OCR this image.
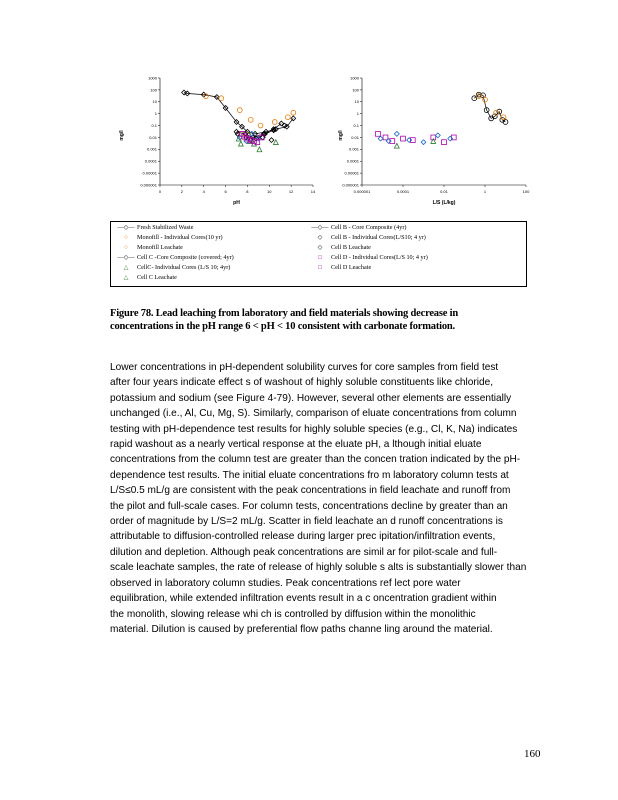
0.000001
0.00001
0.0001
0.001
0.01
0.1
1
10
100
1000
0	2	4	6	8	10	12	14
pH
mg/l
0.000001
0.00001
0.0001
0.001
0.01
0.1
1
10
100
1000
0.000001	0.0001	0.01	1	100
L/S (L/kg)
mg/l
—◇— Fresh Stabilized Waste
○ Monofill - Individual Cores(10 yr)
○ Monofill Leachate
—◇— Cell C -Core Composite (covered; 4yr)
△ CellC- Individual Cores (L/S 10; 4yr)
△ Cell C Leachate
—◇— Cell B - Core Composite (4yr)
◇ Cell B - Individual Cores(L/S10; 4 yr)
◇ Cell B Leachate
□ Cell D - Individual Cores(L/S 10; 4 yr)
□ Cell D Leachate
Figure 78. Lead leaching from laboratory and field materials showing decrease in concentrations in the pH range 6 < pH < 10 consistent with carbonate formation.
Lower concentrations in pH‐dependent solubility curves for core samples from field test
after four years indicate effect s of washout of highly soluble constituents like chloride,
potassium and sodium (see Figure 4‐79). However, several other elements are essentially
unchanged (i.e., Al, Cu, Mg, S). Similarly, comparison of eluate concentrations from column
testing with pH‐dependence test results for highly soluble species (e.g., Cl, K, Na) indicates
rapid washout as a nearly vertical response at the eluate pH, a lthough initial eluate
concentrations from the column test are greater than the concen tration indicated by the pH‐
dependence test results. The initial eluate concentrations fro m laboratory column tests at
L/S≤0.5 mL/g are consistent with the peak concentrations in field leachate and runoff from
the pilot and full‐scale cases. For column tests, concentrations decline by greater than an
order of magnitude by L/S=2 mL/g. Scatter in field leachate an d runoff concentrations is
attributable to diffusion‐controlled release during larger prec ipitation/infiltration events,
dilution and depletion. Although peak concentrations are simil ar for pilot‐scale and full‐
scale leachate samples, the rate of release of highly soluble s alts is substantially slower than
observed in laboratory column studies. Peak concentrations ref lect pore water
equilibration, while extended infiltration events result in a c oncentration gradient within
the monolith, slowing release whi ch is controlled by diffusion within the monolithic
material. Dilution is caused by preferential flow paths channe ling around the material.
160
